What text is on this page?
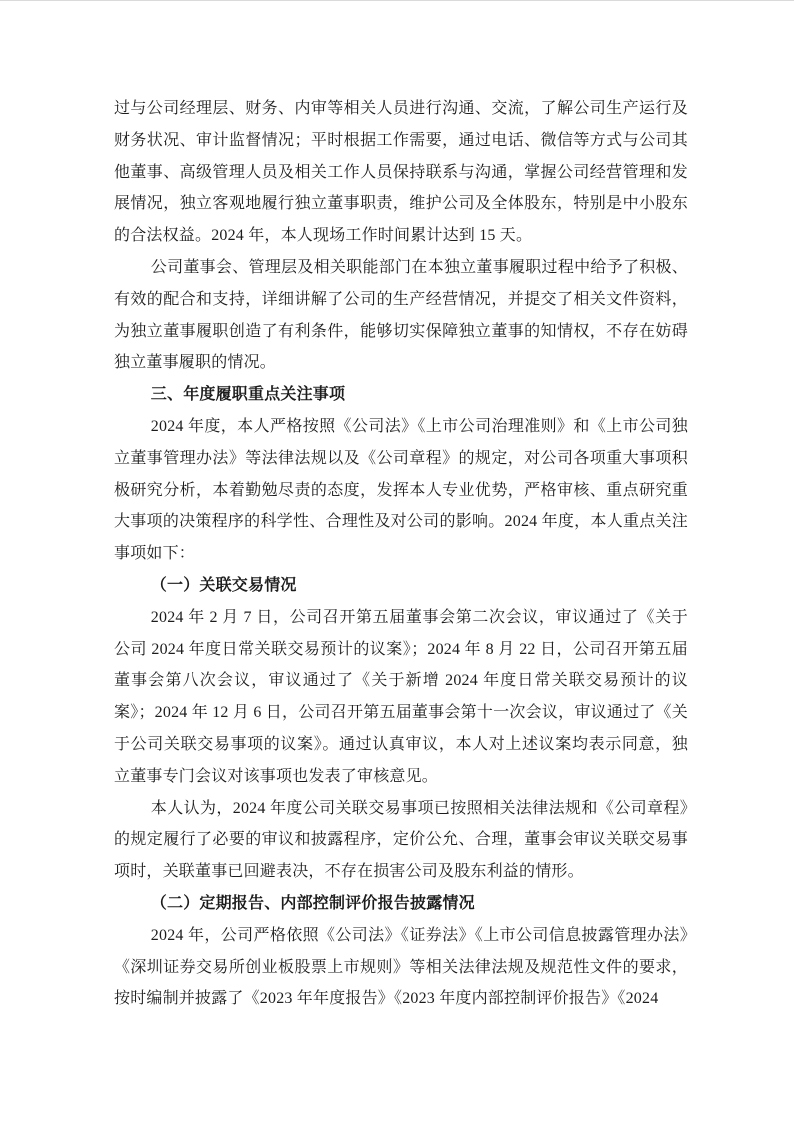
过与公司经理层、财务、内审等相关人员进行沟通、交流，了解公司生产运行及财务状况、审计监督情况；平时根据工作需要，通过电话、微信等方式与公司其他董事、高级管理人员及相关工作人员保持联系与沟通，掌握公司经营管理和发展情况，独立客观地履行独立董事职责，维护公司及全体股东，特别是中小股东的合法权益。2024 年，本人现场工作时间累计达到 15 天。
公司董事会、管理层及相关职能部门在本独立董事履职过程中给予了积极、有效的配合和支持，详细讲解了公司的生产经营情况，并提交了相关文件资料，为独立董事履职创造了有利条件，能够切实保障独立董事的知情权，不存在妨碍独立董事履职的情况。
三、年度履职重点关注事项
2024 年度，本人严格按照《公司法》《上市公司治理准则》和《上市公司独立董事管理办法》等法律法规以及《公司章程》的规定，对公司各项重大事项积极研究分析，本着勤勉尽责的态度，发挥本人专业优势，严格审核、重点研究重大事项的决策程序的科学性、合理性及对公司的影响。2024 年度，本人重点关注事项如下：
（一）关联交易情况
2024 年 2 月 7 日，公司召开第五届董事会第二次会议，审议通过了《关于公司 2024 年度日常关联交易预计的议案》；2024 年 8 月 22 日，公司召开第五届董事会第八次会议，审议通过了《关于新增 2024 年度日常关联交易预计的议案》；2024 年 12 月 6 日，公司召开第五届董事会第十一次会议，审议通过了《关于公司关联交易事项的议案》。通过认真审议，本人对上述议案均表示同意，独立董事专门会议对该事项也发表了审核意见。
本人认为，2024 年度公司关联交易事项已按照相关法律法规和《公司章程》的规定履行了必要的审议和披露程序，定价公允、合理，董事会审议关联交易事项时，关联董事已回避表决，不存在损害公司及股东利益的情形。
（二）定期报告、内部控制评价报告披露情况
2024 年，公司严格依照《公司法》《证券法》《上市公司信息披露管理办法》《深圳证券交易所创业板股票上市规则》等相关法律法规及规范性文件的要求，按时编制并披露了《2023 年年度报告》《2023 年度内部控制评价报告》《2024
